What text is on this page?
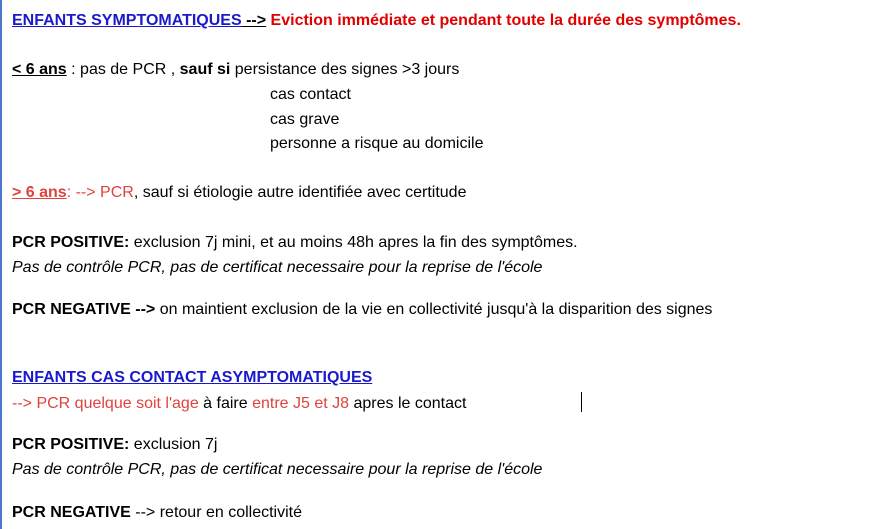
ENFANTS SYMPTOMATIQUES --> Eviction immédiate et pendant toute la durée des symptômes.
< 6 ans : pas de PCR , sauf si persistance des signes >3 jours
cas contact
cas grave
personne a risque au domicile
> 6 ans: --> PCR, sauf si étiologie autre identifiée avec certitude
PCR POSITIVE: exclusion 7j mini, et au moins 48h apres la fin des symptômes.
Pas de contrôle PCR, pas de certificat necessaire pour la reprise de l'école
PCR NEGATIVE --> on maintient exclusion de la vie en collectivité jusqu'à la disparition des signes
ENFANTS CAS CONTACT ASYMPTOMATIQUES
--> PCR quelque soit l'age à faire entre J5 et J8 apres le contact
PCR POSITIVE: exclusion 7j
Pas de contrôle PCR, pas de certificat necessaire pour la reprise de l'école
PCR NEGATIVE --> retour en collectivité
